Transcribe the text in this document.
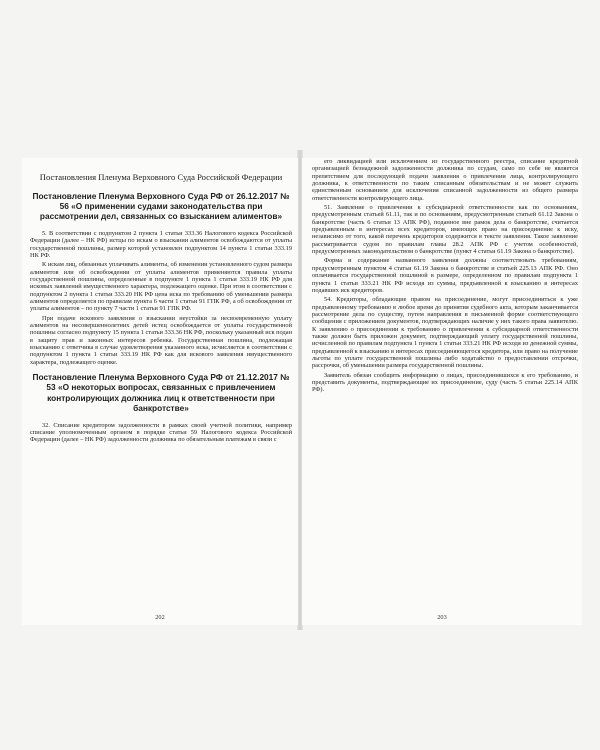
Постановления Пленума Верховного Суда Российской Федерации
Постановление Пленума Верховного Суда РФ от 26.12.2017 № 56 «О применении судами законодательства при рассмотрении дел, связанных со взысканием алиментов»

5. В соответствии с подпунктом 2 пункта 1 статьи 333.36 Налогового кодекса Российской Федерации (далее – НК РФ) истцы по искам о взыскании алиментов освобождаются от уплаты государственной пошлины, размер которой установлен подпунктом 14 пункта 1 статьи 333.19 НК РФ.

К искам лиц, обязанных уплачивать алименты, об изменении установленного судом размера алиментов или об освобождении от уплаты алиментов применяются правила уплаты государственной пошлины, определенные в подпункте 1 пункта 1 статьи 333.19 НК РФ для исковых заявлений имущественного характера, подлежащего оценке. При этом в соответствии с подпунктом 2 пункта 1 статьи 333.20 НК РФ цена иска по требованию об уменьшении размера алиментов определяется по правилам пункта 6 части 1 статьи 91 ГПК РФ, а об освобождении от уплаты алиментов – по пункту 7 части 1 статьи 91 ГПК РФ.

При подаче искового заявления о взыскании неустойки за несвоевременную уплату алиментов на несовершеннолетних детей истец освобождается от уплаты государственной пошлины согласно подпункту 15 пункта 1 статьи 333.36 НК РФ, поскольку указанный иск подан в защиту прав и законных интересов ребенка. Государственная пошлина, подлежащая взысканию с ответчика в случае удовлетворения указанного иска, исчисляется в соответствии с подпунктом 1 пункта 1 статьи 333.19 НК РФ как для искового заявления имущественного характера, подлежащего оценке.

Постановление Пленума Верховного Суда РФ от 21.12.2017 № 53 «О некоторых вопросах, связанных с привлечением контролирующих должника лиц к ответственности при банкротстве»

32. Списание кредитором задолженности в рамках своей учетной политики, например списание уполномоченным органом в порядке статьи 59 Налогового кодекса Российской Федерации (далее – НК РФ) задолженности должника по обязательным платежам в связи с

202

его ликвидацией или исключением из государственного реестра, списание кредитной организацией безнадежной задолженности должника по ссудам, само по себе не является препятствием для последующей подачи заявления о привлечении лица, контролирующего должника, к ответственности по таким списанным обязательствам и не может служить единственным основанием для исключения списанной задолженности из общего размера ответственности контролирующего лица.

51. Заявление о привлечении к субсидиарной ответственности как по основаниям, предусмотренным статьей 61.11, так и по основаниям, предусмотренным статьей 61.12 Закона о банкротстве (часть 6 статьи 13 АПК РФ), поданное вне рамок дела о банкротстве, считается предъявленным в интересах всех кредиторов, имеющих право на присоединение к иску, независимо от того, какой перечень кредиторов содержится в тексте заявления. Такое заявление рассматривается судом по правилам главы 28.2 АПК РФ с учетом особенностей, предусмотренных законодательством о банкротстве (пункт 4 статьи 61.19 Закона о банкротстве).

Форма и содержание названного заявления должны соответствовать требованиям, предусмотренным пунктом 4 статьи 61.19 Закона о банкротстве и статьей 225.13 АПК РФ. Оно оплачивается государственной пошлиной в размере, определенном по правилам подпункта 1 пункта 1 статьи 333.21 НК РФ исходя из суммы, предъявленной к взысканию в интересах подавших иск кредиторов.

54. Кредиторы, обладающие правом на присоединение, могут присоединиться к уже предъявленному требованию в любое время до принятия судебного акта, которым заканчивается рассмотрение дела по существу, путем направления в письменной форме соответствующего сообщения с приложением документов, подтверждающих наличие у них такого права заявителю. К заявлению о присоединении к требованию о привлечении к субсидиарной ответственности также должен быть приложен документ, подтверждающий уплату государственной пошлины, исчисленной по правилам подпункта 1 пункта 1 статьи 333.21 НК РФ исходя из денежной суммы, предъявленной к взысканию в интересах присоединяющегося кредитора, или право на получение льготы по уплате государственной пошлины либо ходатайство о предоставлении отсрочки, рассрочки, об уменьшении размера государственной пошлины.

Заявитель обязан сообщить информацию о лицах, присоединившихся к его требованию, и представить документы, подтверждающие их присоединение, суду (часть 5 статьи 225.14 АПК РФ).

203
